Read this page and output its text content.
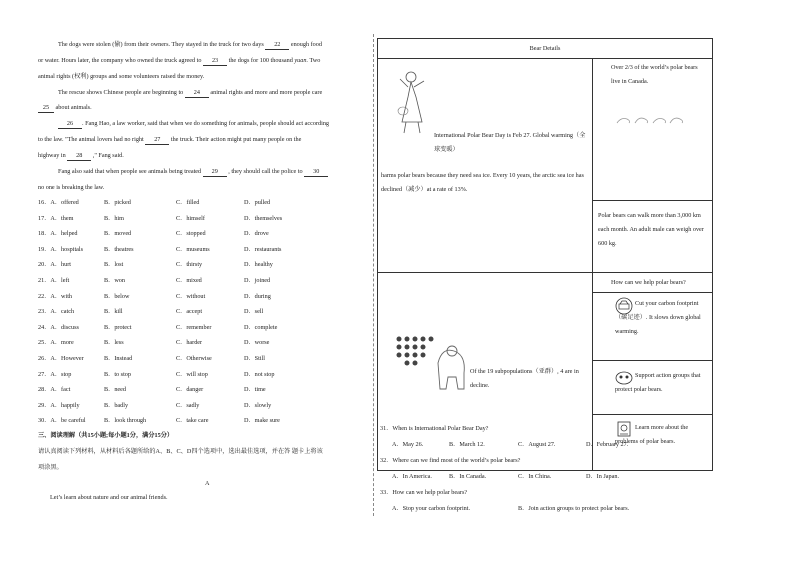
The dogs were stolen (偷) from their owners. They stayed in the truck for two days 22 enough food
or water. Hours later, the company who owned the truck agreed to 23 the dogs for 100 thousand yuan. Two
animal rights (权利) groups and some volunteers raised the money.
The rescue shows Chinese people are beginning to 24 animal rights and more and more people care
25 about animals.
26 . Fang Hao, a law worker, said that when we do something for animals, people should act according
to the law. "The animal lovers had no right 27 the truck. Their action might put many people on the
highway in 28 ," Fang said.
Fang also said that when people see animals being treated 29 , they should call the police to 30
no one is breaking the law.
16．A．offered	B．picked	C．filled	D．pulled
17．A．them	B．him	C．himself	D．themselves
18．A．helped	B．moved	C．stopped	D．drove
19．A．hospitals	B．theatres	C．museums	D．restaurants
20．A．hurt	B．lost	C．thirsty	D．healthy
21．A．left	B．won	C．mixed	D．joined
22．A．with	B．below	C．without	D．during
23．A．catch	B．kill	C．accept	D．sell
24．A．discuss	B．protect	C．remember	D．complete
25．A．more	B．less	C．harder	D．worse
26．A．However	B．Instead	C．Otherwise	D．Still
27．A．stop	B．to stop	C．will stop	D．not stop
28．A．fact	B．need	C．danger	D．time
29．A．happily	B．badly	C．sadly	D．slowly
30．A．be careful	B．look through	C．take care	D．make sure
三、阅读理解（共15小题;每小题1分，满分15分）
请认真阅读下列材料，从材料后各题所给的A、B、C、D四个选项中，选出最佳选项，并在答 题卡上将该
项涂黑。
A
Let’s learn about nature and our animal friends.
Bear Details	

International Polar Bear Day is Feb 27. Global warming（全球变暖）
harms polar bears because they need sea ice. Every 10 years, the arctic sea ice has declined（减少）at a rate of 13%.	Over 2/3 of the world’s polar bears live in Canada.

	Polar bears can walk more than 3,000 km each month. An adult male can weigh over 600 kg.

Of the 19 subpopulations（亚群）, 4 are in decline.	How can we help polar bears?

	Cut your carbon footprint（碳足迹）. It slows down global warming.

	Support action groups that protect polar bears.

	Learn more about the problems of polar bears.
31．When is International Polar Bear Day?
A．May 26.	B．March 12.	C．August 27.	D．February 27.
32．Where can we find most of the world’s polar bears?
A．In America.	B．In Canada.	C．In China.	D．In Japan.
33．How can we help polar bears?
A．Stop your carbon footprint.	B．Join action groups to protect polar bears.
